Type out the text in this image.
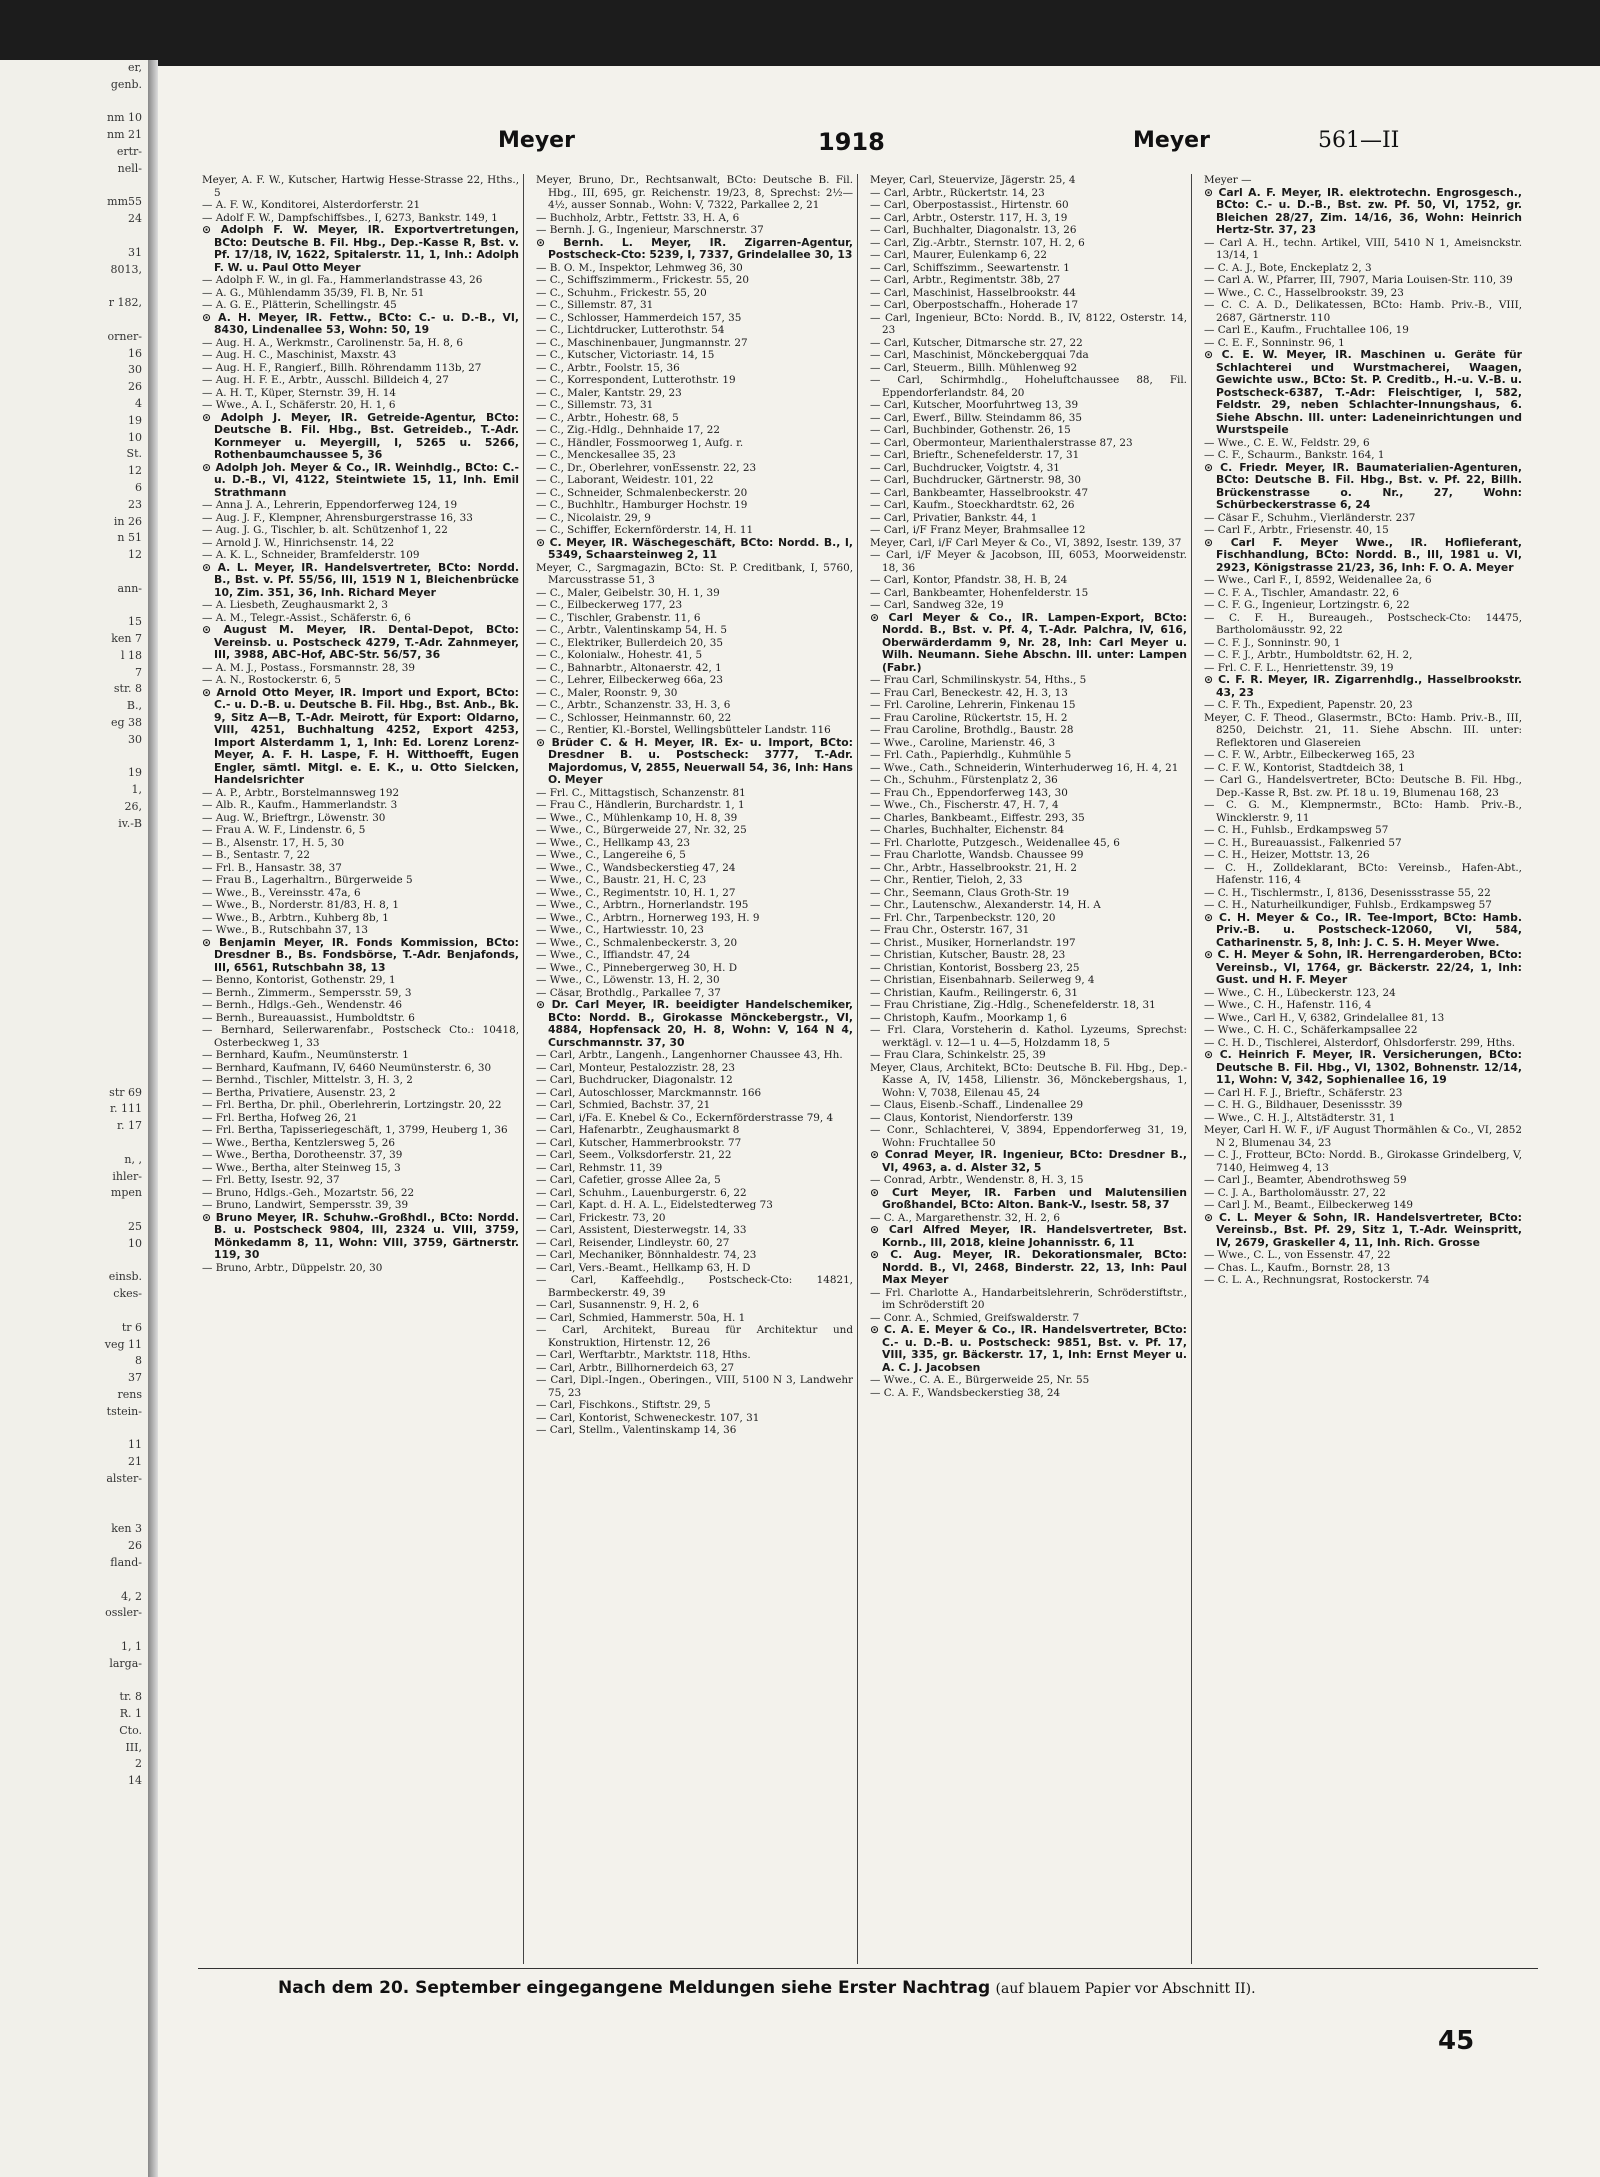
er,
genb.

nm 10
nm 21
ertr-
nell-

mm55
24

31
8013,

r 182,

orner-
16
30
26
4
19
10
St.
12
6
23
in 26
n 51
12

ann-

15
ken 7
l 18
7
str. 8
B.,
eg 38
30

19
1,
26,
iv.-B

str 69
r. 111
r. 17

n, ,
ihler-
mpen

25
10

einsb.
ckes-

tr 6
veg 11
8
37
rens
tstein-

11
21
alster-

ken 3
26
fland-

4, 2
ossler-

1, 1
larga-

tr. 8
R. 1
Cto.
III,
2
14
Meyer	1918	Meyer	561—II

Meyer, A. F. W., Kutscher, Hartwig Hesse-Strasse 22, Hths., 5

— A. F. W., Konditorei, Alsterdorferstr. 21

— Adolf F. W., Dampfschiffsbes., I, 6273, Bankstr. 149, 1

⊙ Adolph F. W. Meyer, IR. Exportvertretungen, BCto: Deutsche B. Fil. Hbg., Dep.-Kasse R, Bst. v. Pf. 17/18, IV, 1622, Spitalerstr. 11, 1, Inh.: Adolph F. W. u. Paul Otto Meyer

— Adolph F. W., in gl. Fa., Hammerlandstrasse 43, 26

— A. G., Mühlendamm 35/39, Fl. B, Nr. 51

— A. G. E., Plätterin, Schellingstr. 45

⊙ A. H. Meyer, IR. Fettw., BCto: C.- u. D.-B., VI, 8430, Lindenallee 53, Wohn: 50, 19

— Aug. H. A., Werkmstr., Carolinenstr. 5a, H. 8, 6

— Aug. H. C., Maschinist, Maxstr. 43

— Aug. H. F., Rangierf., Billh. Röhrendamm 113b, 27

— Aug. H. F. E., Arbtr., Ausschl. Billdeich 4, 27

— A. H. T., Küper, Sternstr. 39, H. 14

— Wwe., A. I., Schäferstr. 20, H. 1, 6

⊙ Adolph J. Meyer, IR. Getreide-Agentur, BCto: Deutsche B. Fil. Hbg., Bst. Getreideb., T.-Adr. Kornmeyer u. Meyergill, I, 5265 u. 5266, Rothenbaumchaussee 5, 36

⊙ Adolph Joh. Meyer & Co., IR. Weinhdlg., BCto: C.- u. D.-B., VI, 4122, Steintwiete 15, 11, Inh. Emil Strathmann

— Anna J. A., Lehrerin, Eppendorferweg 124, 19

— Aug. J. F., Klempner, Ahrensburgerstrasse 16, 33

— Aug. J. G., Tischler, b. alt. Schützenhof 1, 22

— Arnold J. W., Hinrichsenstr. 14, 22

— A. K. L., Schneider, Bramfelderstr. 109

⊙ A. L. Meyer, IR. Handelsvertreter, BCto: Nordd. B., Bst. v. Pf. 55/56, III, 1519 N 1, Bleichenbrücke 10, Zim. 351, 36, Inh. Richard Meyer

— A. Liesbeth, Zeughausmarkt 2, 3

— A. M., Telegr.-Assist., Schäferstr. 6, 6

⊙ August M. Meyer, IR. Dental-Depot, BCto: Vereinsb. u. Postscheck 4279, T.-Adr. Zahnmeyer, III, 3988, ABC-Hof, ABC-Str. 56/57, 36

— A. M. J., Postass., Forsmannstr. 28, 39

— A. N., Rostockerstr. 6, 5

⊙ Arnold Otto Meyer, IR. Import und Export, BCto: C.- u. D.-B. u. Deutsche B. Fil. Hbg., Bst. Anb., Bk. 9, Sitz A—B, T.-Adr. Meirott, für Export: Oldarno, VIII, 4251, Buchhaltung 4252, Export 4253, Import Alsterdamm 1, 1, Inh: Ed. Lorenz Lorenz-Meyer, A. F. H. Laspe, F. H. Witthoefft, Eugen Engler, sämtl. Mitgl. e. E. K., u. Otto Sielcken, Handelsrichter

— A. P., Arbtr., Borstelmannsweg 192

— Alb. R., Kaufm., Hammerlandstr. 3

— Aug. W., Brieftrgr., Löwenstr. 30

— Frau A. W. F., Lindenstr. 6, 5

— B., Alsenstr. 17, H. 5, 30

— B., Sentastr. 7, 22

— Frl. B., Hansastr. 38, 37

— Frau B., Lagerhaltrn., Bürgerweide 5

— Wwe., B., Vereinsstr. 47a, 6

— Wwe., B., Norderstr. 81/83, H. 8, 1

— Wwe., B., Arbtrn., Kuhberg 8b, 1

— Wwe., B., Rutschbahn 37, 13

⊙ Benjamin Meyer, IR. Fonds Kommission, BCto: Dresdner B., Bs. Fondsbörse, T.-Adr. Benjafonds, III, 6561, Rutschbahn 38, 13

— Benno, Kontorist, Gothenstr. 29, 1

— Bernh., Zimmerm., Sempersstr. 59, 3

— Bernh., Hdlgs.-Geh., Wendenstr. 46

— Bernh., Bureauassist., Humboldtstr. 6

— Bernhard, Seilerwarenfabr., Postscheck Cto.: 10418, Osterbeckweg 1, 33

— Bernhard, Kaufm., Neumünsterstr. 1

— Bernhard, Kaufmann, IV, 6460 Neumünsterstr. 6, 30

— Bernhd., Tischler, Mittelstr. 3, H. 3, 2

— Bertha, Privatiere, Ausenstr. 23, 2

— Frl. Bertha, Dr. phil., Oberlehrerin, Lortzingstr. 20, 22

— Frl. Bertha, Hofweg 26, 21

— Frl. Bertha, Tapisseriegeschäft, 1, 3799, Heuberg 1, 36

— Wwe., Bertha, Kentzlersweg 5, 26

— Wwe., Bertha, Dorotheenstr. 37, 39

— Wwe., Bertha, alter Steinweg 15, 3

— Frl. Betty, Isestr. 92, 37

— Bruno, Hdlgs.-Geh., Mozartstr. 56, 22

— Bruno, Landwirt, Sempersstr. 39, 39

⊙ Bruno Meyer, IR. Schuhw.-Großhdl., BCto: Nordd. B. u. Postscheck 9804, III, 2324 u. VIII, 3759, Mönkedamm 8, 11, Wohn: VIII, 3759, Gärtnerstr. 119, 30

— Bruno, Arbtr., Düppelstr. 20, 30

Meyer, Bruno, Dr., Rechtsanwalt, BCto: Deutsche B. Fil. Hbg., III, 695, gr. Reichenstr. 19/23, 8, Sprechst: 2½—4½, ausser Sonnab., Wohn: V, 7322, Parkallee 2, 21

— Buchholz, Arbtr., Fettstr. 33, H. A, 6

— Bernh. J. G., Ingenieur, Marschnerstr. 37

⊙ Bernh. L. Meyer, IR. Zigarren-Agentur, Postscheck-Cto: 5239, I, 7337, Grindelallee 30, 13

— B. O. M., Inspektor, Lehmweg 36, 30

— C., Schiffszimmerm., Frickestr. 55, 20

— C., Schuhm., Frickestr. 55, 20

— C., Sillemstr. 87, 31

— C., Schlosser, Hammerdeich 157, 35

— C., Lichtdrucker, Lutterothstr. 54

— C., Maschinenbauer, Jungmannstr. 27

— C., Kutscher, Victoriastr. 14, 15

— C., Arbtr., Foolstr. 15, 36

— C., Korrespondent, Lutterothstr. 19

— C., Maler, Kantstr. 29, 23

— C., Sillemstr. 73, 31

— C., Arbtr., Hohestr. 68, 5

— C., Zig.-Hdlg., Dehnhaide 17, 22

— C., Händler, Fossmoorweg 1, Aufg. r.

— C., Menckesallee 35, 23

— C., Dr., Oberlehrer, vonEssenstr. 22, 23

— C., Laborant, Weidestr. 101, 22

— C., Schneider, Schmalenbeckerstr. 20

— C., Buchhltr., Hamburger Hochstr. 19

— C., Nicolaistr. 29, 9

— C., Schiffer, Eckernförderstr. 14, H. 11

⊙ C. Meyer, IR. Wäschegeschäft, BCto: Nordd. B., I, 5349, Schaarsteinweg 2, 11

Meyer, C., Sargmagazin, BCto: St. P. Creditbank, I, 5760, Marcusstrasse 51, 3

— C., Maler, Geibelstr. 30, H. 1, 39

— C., Eilbeckerweg 177, 23

— C., Tischler, Grabenstr. 11, 6

— C., Arbtr., Valentinskamp 54, H. 5

— C., Elektriker, Bullerdeich 20, 35

— C., Kolonialw., Hohestr. 41, 5

— C., Bahnarbtr., Altonaerstr. 42, 1

— C., Lehrer, Eilbeckerweg 66a, 23

— C., Maler, Roonstr. 9, 30

— C., Arbtr., Schanzenstr. 33, H. 3, 6

— C., Schlosser, Heinmannstr. 60, 22

— C., Rentier, Kl.-Borstel, Wellingsbütteler Landstr. 116

⊙ Brüder C. & H. Meyer, IR. Ex- u. Import, BCto: Dresdner B. u. Postscheck: 3777, T.-Adr. Majordomus, V, 2855, Neuerwall 54, 36, Inh: Hans O. Meyer

— Frl. C., Mittagstisch, Schanzenstr. 81

— Frau C., Händlerin, Burchardstr. 1, 1

— Wwe., C., Mühlenkamp 10, H. 8, 39

— Wwe., C., Bürgerweide 27, Nr. 32, 25

— Wwe., C., Hellkamp 43, 23

— Wwe., C., Langereihe 6, 5

— Wwe., C., Wandsbeckerstieg 47, 24

— Wwe., C., Baustr. 21, H. C, 23

— Wwe., C., Regimentstr. 10, H. 1, 27

— Wwe., C., Arbtrn., Hornerlandstr. 195

— Wwe., C., Arbtrn., Hornerweg 193, H. 9

— Wwe., C., Hartwiesstr. 10, 23

— Wwe., C., Schmalenbeckerstr. 3, 20

— Wwe., C., Iffiandstr. 47, 24

— Wwe., C., Pinnebergerweg 30, H. D

— Wwe., C., Löwenstr. 13, H. 2, 30

— Cäsar, Brothdlg., Parkallee 7, 37

⊙ Dr. Carl Meyer, IR. beeidigter Handelschemiker, BCto: Nordd. B., Girokasse Mönckebergstr., VI, 4884, Hopfensack 20, H. 8, Wohn: V, 164 N 4, Curschmannstr. 37, 30

— Carl, Arbtr., Langenh., Langenhorner Chaussee 43, Hh.

— Carl, Monteur, Pestalozzistr. 28, 23

— Carl, Buchdrucker, Diagonalstr. 12

— Carl, Autoschlosser, Marckmannstr. 166

— Carl, Schmied, Bachstr. 37, 21

— Carl, i/Fa. E. Knebel & Co., Eckernförderstrasse 79, 4

— Carl, Hafenarbtr., Zeughausmarkt 8

— Carl, Kutscher, Hammerbrookstr. 77

— Carl, Seem., Volksdorferstr. 21, 22

— Carl, Rehmstr. 11, 39

— Carl, Cafetier, grosse Allee 2a, 5

— Carl, Schuhm., Lauenburgerstr. 6, 22

— Carl, Kapt. d. H. A. L., Eidelstedterweg 73

— Carl, Frickestr. 73, 20

— Carl, Assistent, Diesterwegstr. 14, 33

— Carl, Reisender, Lindleystr. 60, 27

— Carl, Mechaniker, Bönnhaldestr. 74, 23

— Carl, Vers.-Beamt., Hellkamp 63, H. D

— Carl, Kaffeehdlg., Postscheck-Cto: 14821, Barmbeckerstr. 49, 39

— Carl, Susannenstr. 9, H. 2, 6

— Carl, Schmied, Hammerstr. 50a, H. 1

— Carl, Architekt, Bureau für Architektur und Konstruktion, Hirtenstr. 12, 26

— Carl, Werftarbtr., Marktstr. 118, Hths.

— Carl, Arbtr., Billhornerdeich 63, 27

— Carl, Dipl.-Ingen., Oberingen., VIII, 5100 N 3, Landwehr 75, 23

— Carl, Fischkons., Stiftstr. 29, 5

— Carl, Kontorist, Schweneckestr. 107, 31

— Carl, Stellm., Valentinskamp 14, 36

Meyer, Carl, Steuervize, Jägerstr. 25, 4

— Carl, Arbtr., Rückertstr. 14, 23

— Carl, Oberpostassist., Hirtenstr. 60

— Carl, Arbtr., Osterstr. 117, H. 3, 19

— Carl, Buchhalter, Diagonalstr. 13, 26

— Carl, Zig.-Arbtr., Sternstr. 107, H. 2, 6

— Carl, Maurer, Eulenkamp 6, 22

— Carl, Schiffszimm., Seewartenstr. 1

— Carl, Arbtr., Regimentstr. 38b, 27

— Carl, Maschinist, Hasselbrookstr. 44

— Carl, Oberpostschaffn., Hoheradе 17

— Carl, Ingenieur, BCto: Nordd. B., IV, 8122, Osterstr. 14, 23

— Carl, Kutscher, Ditmarsche str. 27, 22

— Carl, Maschinist, Mönckebergquai 7da

— Carl, Steuerm., Billh. Mühlenweg 92

— Carl, Schirmhdlg., Hoheluftchaussee 88, Fil. Eppendorferlandstr. 84, 20

— Carl, Kutscher, Moorfuhrtweg 13, 39

— Carl, Ewerf., Billw. Steindamm 86, 35

— Carl, Buchbinder, Gothenstr. 26, 15

— Carl, Obermonteur, Marienthalerstrasse 87, 23

— Carl, Brieftr., Schenefelderstr. 17, 31

— Carl, Buchdrucker, Voigtstr. 4, 31

— Carl, Buchdrucker, Gärtnerstr. 98, 30

— Carl, Bankbeamter, Hasselbrookstr. 47

— Carl, Kaufm., Stoeckhardtstr. 62, 26

— Carl, Privatier, Bankstr. 44, 1

— Carl, i/F Franz Meyer, Brahmsallee 12

Meyer, Carl, i/F Carl Meyer & Co., VI, 3892, Isestr. 139, 37

— Carl, i/F Meyer & Jacobson, III, 6053, Moorweidenstr. 18, 36

— Carl, Kontor, Pfandstr. 38, H. B, 24

— Carl, Bankbeamter, Hohenfelderstr. 15

— Carl, Sandweg 32e, 19

⊙ Carl Meyer & Co., IR. Lampen-Export, BCto: Nordd. B., Bst. v. Pf. 4, T.-Adr. Palchra, IV, 616, Oberwärderdamm 9, Nr. 28, Inh: Carl Meyer u. Wilh. Neumann. Siehe Abschn. III. unter: Lampen (Fabr.)

— Frau Carl, Schmilinskystr. 54, Hths., 5

— Frau Carl, Beneckestr. 42, H. 3, 13

— Frl. Caroline, Lehrerin, Finkenau 15

— Frau Caroline, Rückertstr. 15, H. 2

— Frau Caroline, Brothdlg., Baustr. 28

— Wwe., Caroline, Marienstr. 46, 3

— Frl. Cath., Papierhdlg., Kuhmühle 5

— Wwe., Cath., Schneiderin, Winterhuderweg 16, H. 4, 21

— Ch., Schuhm., Fürstenplatz 2, 36

— Frau Ch., Eppendorferweg 143, 30

— Wwe., Ch., Fischerstr. 47, H. 7, 4

— Charles, Bankbeamt., Eiffestr. 293, 35

— Charles, Buchhalter, Eichenstr. 84

— Frl. Charlotte, Putzgesch., Weidenallee 45, 6

— Frau Charlotte, Wandsb. Chaussee 99

— Chr., Arbtr., Hasselbrookstr. 21, H. 2

— Chr., Rentier, Tieloh, 2, 33

— Chr., Seemann, Claus Groth-Str. 19

— Chr., Lautenschw., Alexanderstr. 14, H. A

— Frl. Chr., Tarpenbeckstr. 120, 20

— Frau Chr., Osterstr. 167, 31

— Christ., Musiker, Hornerlandstr. 197

— Christian, Kutscher, Baustr. 28, 23

— Christian, Kontorist, Bossberg 23, 25

— Christian, Eisenbahnarb. Seilerweg 9, 4

— Christian, Kaufm., Reilingerstr. 6, 31

— Frau Christiane, Zig.-Hdlg., Schenefelderstr. 18, 31

— Christoph, Kaufm., Moorkamp 1, 6

— Frl. Clara, Vorsteherin d. Kathol. Lyzeums, Sprechst: werktägl. v. 12—1 u. 4—5, Holzdamm 18, 5

— Frau Clara, Schinkelstr. 25, 39

Meyer, Claus, Architekt, BCto: Deutsche B. Fil. Hbg., Dep.-Kasse A, IV, 1458, Lilienstr. 36, Mönckebergshaus, 1, Wohn: V, 7038, Eilenau 45, 24

— Claus, Eisenb.-Schaff., Lindenallee 29

— Claus, Kontorist, Niendorferstr. 139

— Conr., Schlachterei, V, 3894, Eppendorferweg 31, 19, Wohn: Fruchtallee 50

⊙ Conrad Meyer, IR. Ingenieur, BCto: Dresdner B., VI, 4963, a. d. Alster 32, 5

— Conrad, Arbtr., Wendenstr. 8, H. 3, 15

⊙ Curt Meyer, IR. Farben und Malutensilien Großhandel, BCto: Alton. Bank-V., Isestr. 58, 37

— C. A., Margarethenstr. 32, H. 2, 6

⊙ Carl Alfred Meyer, IR. Handelsvertreter, Bst. Kornb., III, 2018, kleine Johannisstr. 6, 11

⊙ C. Aug. Meyer, IR. Dekorationsmaler, BCto: Nordd. B., VI, 2468, Binderstr. 22, 13, Inh: Paul Max Meyer

— Frl. Charlotte A., Handarbeitslehrerin, Schröderstiftstr., im Schröderstift 20

— Conr. A., Schmied, Greifswalderstr. 7

⊙ C. A. E. Meyer & Co., IR. Handelsvertreter, BCto: C.- u. D.-B. u. Postscheck: 9851, Bst. v. Pf. 17, VIII, 335, gr. Bäckerstr. 17, 1, Inh: Ernst Meyer u. A. C. J. Jacobsen

— Wwe., C. A. E., Bürgerweide 25, Nr. 55

— C. A. F., Wandsbeckerstieg 38, 24

Meyer —

⊙ Carl A. F. Meyer, IR. elektrotechn. Engrosgesch., BCto: C.- u. D.-B., Bst. zw. Pf. 50, VI, 1752, gr. Bleichen 28/27, Zim. 14/16, 36, Wohn: Heinrich Hertz-Str. 37, 23

— Carl A. H., techn. Artikel, VIII, 5410 N 1, Ameisnckstr. 13/14, 1

— C. A. J., Bote, Enckeplatz 2, 3

— Carl A. W., Pfarrer, III, 7907, Maria Louisen-Str. 110, 39

— Wwe., C. C., Hasselbrookstr. 39, 23

— C. C. A. D., Delikatessen, BCto: Hamb. Priv.-B., VIII, 2687, Gärtnerstr. 110

— Carl E., Kaufm., Fruchtallee 106, 19

— C. E. F., Sonninstr. 96, 1

⊙ C. E. W. Meyer, IR. Maschinen u. Geräte für Schlachterei und Wurstmacherei, Waagen, Gewichte usw., BCto: St. P. Creditb., H.-u. V.-B. u. Postscheck-6387, T.-Adr: Fleischtiger, I, 582, Feldstr. 29, neben Schlachter-Innungshaus, 6. Siehe Abschn. III. unter: Ladeneinrichtungen und Wurstspeile

— Wwe., C. E. W., Feldstr. 29, 6

— C. F., Schaurm., Bankstr. 164, 1

⊙ C. Friedr. Meyer, IR. Baumaterialien-Agenturen, BCto: Deutsche B. Fil. Hbg., Bst. v. Pf. 22, Billh. Brückenstrasse o. Nr., 27, Wohn: Schürbeckerstrasse 6, 24

— Cäsar F., Schuhm., Vierländerstr. 237

— Carl F., Arbtr., Friesenstr. 40, 15

⊙ Carl F. Meyer Wwe., IR. Hoflieferant, Fischhandlung, BCto: Nordd. B., III, 1981 u. VI, 2923, Königstrasse 21/23, 36, Inh: F. O. A. Meyer

— Wwe., Carl F., I, 8592, Weidenallee 2a, 6

— C. F. A., Tischler, Amandastr. 22, 6

— C. F. G., Ingenieur, Lortzingstr. 6, 22

— C. F. H., Bureaugeh., Postscheck-Cto: 14475, Bartholomäusstr. 92, 22

— C. F. J., Sonninstr. 90, 1

— C. F. J., Arbtr., Humboldtstr. 62, H. 2,

— Frl. C. F. L., Henriettenstr. 39, 19

⊙ C. F. R. Meyer, IR. Zigarrenhdlg., Hasselbrookstr. 43, 23

— C. F. Th., Expedient, Papenstr. 20, 23

Meyer, C. F. Theod., Glasermstr., BCto: Hamb. Priv.-B., III, 8250, Deichstr. 21, 11. Siehe Abschn. III. unter: Reflektoren und Glasereien

— C. F. W., Arbtr., Eilbeckerweg 165, 23

— C. F. W., Kontorist, Stadtdeich 38, 1

— Carl G., Handelsvertreter, BCto: Deutsche B. Fil. Hbg., Dep.-Kasse R, Bst. zw. Pf. 18 u. 19, Blumenau 168, 23

— C. G. M., Klempnermstr., BCto: Hamb. Priv.-B., Wincklerstr. 9, 11

— C. H., Fuhlsb., Erdkampsweg 57

— C. H., Bureauassist., Falkenried 57

— C. H., Heizer, Mottstr. 13, 26

— C. H., Zolldeklarant, BCto: Vereinsb., Hafen-Abt., Hafenstr. 116, 4

— C. H., Tischlermstr., I, 8136, Desenissstrasse 55, 22

— C. H., Naturheilkundiger, Fuhlsb., Erdkampsweg 57

⊙ C. H. Meyer & Co., IR. Tee-Import, BCto: Hamb. Priv.-B. u. Postscheck-12060, VI, 584, Catharinenstr. 5, 8, Inh: J. C. S. H. Meyer Wwe.

⊙ C. H. Meyer & Sohn, IR. Herrengarderoben, BCto: Vereinsb., VI, 1764, gr. Bäckerstr. 22/24, 1, Inh: Gust. und H. F. Meyer

— Wwe., C. H., Lübeckerstr. 123, 24

— Wwe., C. H., Hafenstr. 116, 4

— Wwe., Carl H., V, 6382, Grindelallee 81, 13

— Wwe., C. H. C., Schäferkampsallee 22

— C. H. D., Tischlerei, Alsterdorf, Ohlsdorferstr. 299, Hths.

⊙ C. Heinrich F. Meyer, IR. Versicherungen, BCto: Deutsche B. Fil. Hbg., VI, 1302, Bohnenstr. 12/14, 11, Wohn: V, 342, Sophienallee 16, 19

— Carl H. F. J., Brieftr., Schäferstr. 23

— C. H. G., Bildhauer, Desenissstr. 39

— Wwe., C. H. J., Altstädterstr. 31, 1

Meyer, Carl H. W. F., i/F August Thormählen & Co., VI, 2852 N 2, Blumenau 34, 23

— C. J., Frotteur, BCto: Nordd. B., Girokasse Grindelberg, V, 7140, Heimweg 4, 13

— Carl J., Beamter, Abendrothsweg 59

— C. J. A., Bartholomäusstr. 27, 22

— Carl J. M., Beamt., Eilbeckerweg 149

⊙ C. L. Meyer & Sohn, IR. Handelsvertreter, BCto: Vereinsb., Bst. Pf. 29, Sitz 1, T.-Adr. Weinspritt, IV, 2679, Graskeller 4, 11, Inh. Rich. Grosse

— Wwe., C. L., von Essenstr. 47, 22

— Chas. L., Kaufm., Bornstr. 28, 13

— C. L. A., Rechnungsrat, Rostockerstr. 74

Nach dem 20. September eingegangene Meldungen siehe Erster Nachtrag (auf blauem Papier vor Abschnitt II).
45
